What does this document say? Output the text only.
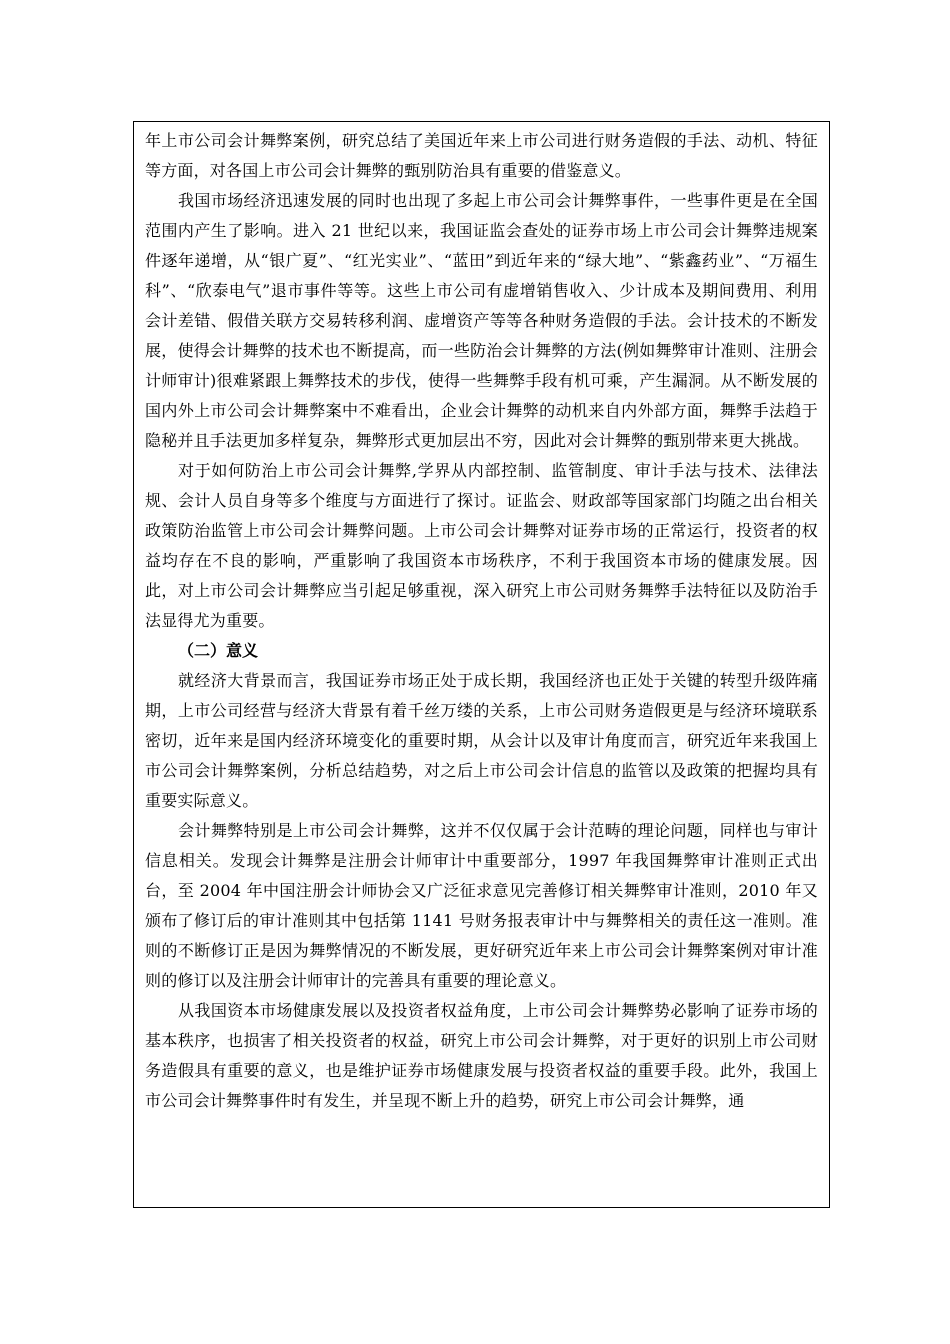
年上市公司会计舞弊案例，研究总结了美国近年来上市公司进行财务造假的手法、动机、特征等方面，对各国上市公司会计舞弊的甄别防治具有重要的借鉴意义。

我国市场经济迅速发展的同时也出现了多起上市公司会计舞弊事件，一些事件更是在全国范围内产生了影响。进入 21 世纪以来，我国证监会查处的证券市场上市公司会计舞弊违规案件逐年递增，从“银广夏”、“红光实业”、“蓝田”到近年来的“绿大地”、“紫鑫药业”、“万福生科”、“欣泰电气”退市事件等等。这些上市公司有虚增销售收入、少计成本及期间费用、利用会计差错、假借关联方交易转移利润、虚增资产等等各种财务造假的手法。会计技术的不断发展，使得会计舞弊的技术也不断提高，而一些防治会计舞弊的方法(例如舞弊审计准则、注册会计师审计)很难紧跟上舞弊技术的步伐，使得一些舞弊手段有机可乘，产生漏洞。从不断发展的国内外上市公司会计舞弊案中不难看出，企业会计舞弊的动机来自内外部方面，舞弊手法趋于隐秘并且手法更加多样复杂，舞弊形式更加层出不穷，因此对会计舞弊的甄别带来更大挑战。

对于如何防治上市公司会计舞弊,学界从内部控制、监管制度、审计手法与技术、法律法规、会计人员自身等多个维度与方面进行了探讨。证监会、财政部等国家部门均随之出台相关政策防治监管上市公司会计舞弊问题。上市公司会计舞弊对证券市场的正常运行，投资者的权益均存在不良的影响，严重影响了我国资本市场秩序，不利于我国资本市场的健康发展。因此，对上市公司会计舞弊应当引起足够重视，深入研究上市公司财务舞弊手法特征以及防治手法显得尤为重要。

（二）意义

就经济大背景而言，我国证券市场正处于成长期，我国经济也正处于关键的转型升级阵痛期，上市公司经营与经济大背景有着千丝万缕的关系，上市公司财务造假更是与经济环境联系密切，近年来是国内经济环境变化的重要时期，从会计以及审计角度而言，研究近年来我国上市公司会计舞弊案例，分析总结趋势，对之后上市公司会计信息的监管以及政策的把握均具有重要实际意义。

会计舞弊特别是上市公司会计舞弊，这并不仅仅属于会计范畴的理论问题，同样也与审计信息相关。发现会计舞弊是注册会计师审计中重要部分，1997 年我国舞弊审计准则正式出台，至 2004 年中国注册会计师协会又广泛征求意见完善修订相关舞弊审计准则，2010 年又颁布了修订后的审计准则其中包括第 1141 号财务报表审计中与舞弊相关的责任这一准则。准则的不断修订正是因为舞弊情况的不断发展，更好研究近年来上市公司会计舞弊案例对审计准则的修订以及注册会计师审计的完善具有重要的理论意义。

从我国资本市场健康发展以及投资者权益角度，上市公司会计舞弊势必影响了证券市场的基本秩序，也损害了相关投资者的权益，研究上市公司会计舞弊，对于更好的识别上市公司财务造假具有重要的意义，也是维护证券市场健康发展与投资者权益的重要手段。此外，我国上市公司会计舞弊事件时有发生，并呈现不断上升的趋势，研究上市公司会计舞弊，通
